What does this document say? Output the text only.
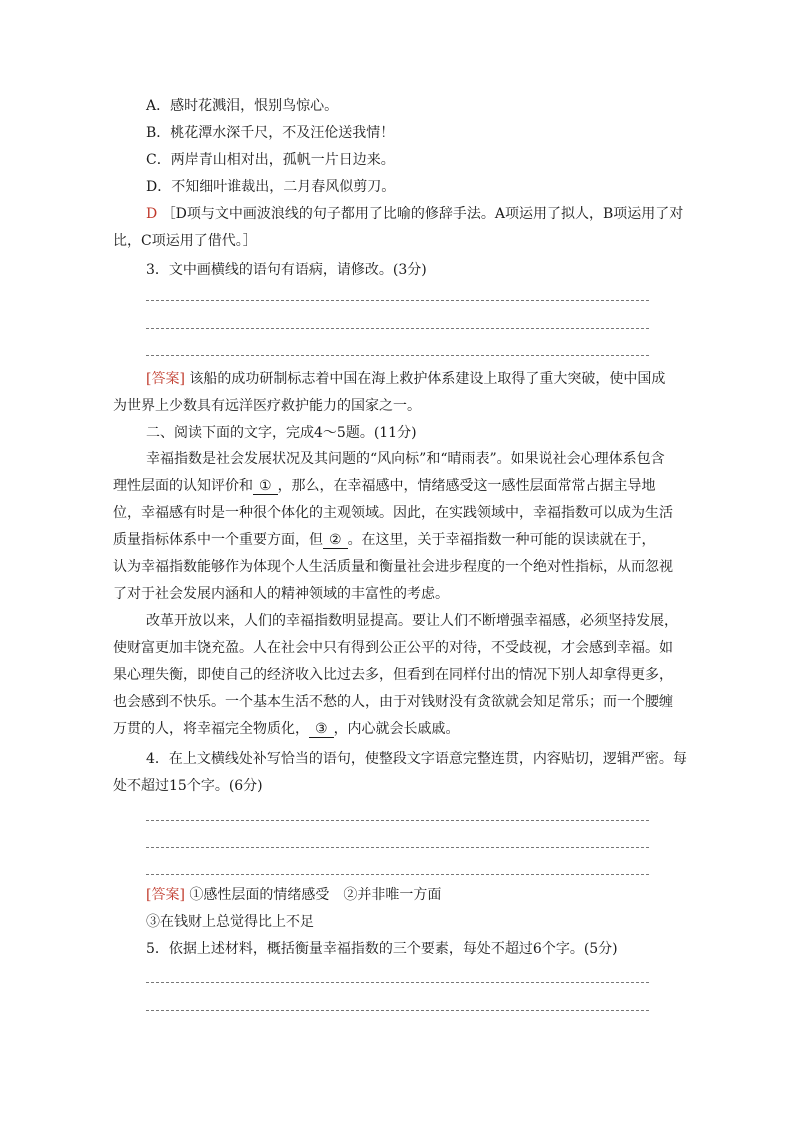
A．感时花溅泪，恨别鸟惊心。
B．桃花潭水深千尺，不及汪伦送我情！
C．两岸青山相对出，孤帆一片日边来。
D．不知细叶谁裁出，二月春风似剪刀。
D ［D项与文中画波浪线的句子都用了比喻的修辞手法。A项运用了拟人，B项运用了对
比，C项运用了借代。］
3．文中画横线的语句有语病，请修改。(3分)
[答案] 该船的成功研制标志着中国在海上救护体系建设上取得了重大突破，使中国成
为世界上少数具有远洋医疗救护能力的国家之一。
二、阅读下面的文字，完成4～5题。(11分)
幸福指数是社会发展状况及其问题的“风向标”和“晴雨表”。如果说社会心理体系包含
理性层面的认知评价和 ① ，那么，在幸福感中，情绪感受这一感性层面常常占据主导地
位，幸福感有时是一种很个体化的主观领域。因此，在实践领域中，幸福指数可以成为生活
质量指标体系中一个重要方面，但 ② 。在这里，关于幸福指数一种可能的误读就在于，
认为幸福指数能够作为体现个人生活质量和衡量社会进步程度的一个绝对性指标，从而忽视
了对于社会发展内涵和人的精神领域的丰富性的考虑。
改革开放以来，人们的幸福指数明显提高。要让人们不断增强幸福感，必须坚持发展，
使财富更加丰饶充盈。人在社会中只有得到公正公平的对待，不受歧视，才会感到幸福。如
果心理失衡，即使自己的经济收入比过去多，但看到在同样付出的情况下别人却拿得更多，
也会感到不快乐。一个基本生活不愁的人，由于对钱财没有贪欲就会知足常乐；而一个腰缠
万贯的人，将幸福完全物质化， ③ ，内心就会长戚戚。
4．在上文横线处补写恰当的语句，使整段文字语意完整连贯，内容贴切，逻辑严密。每
处不超过15个字。(6分)
[答案] ①感性层面的情绪感受　②并非唯一方面
③在钱财上总觉得比上不足
5．依据上述材料，概括衡量幸福指数的三个要素，每处不超过6个字。(5分)
